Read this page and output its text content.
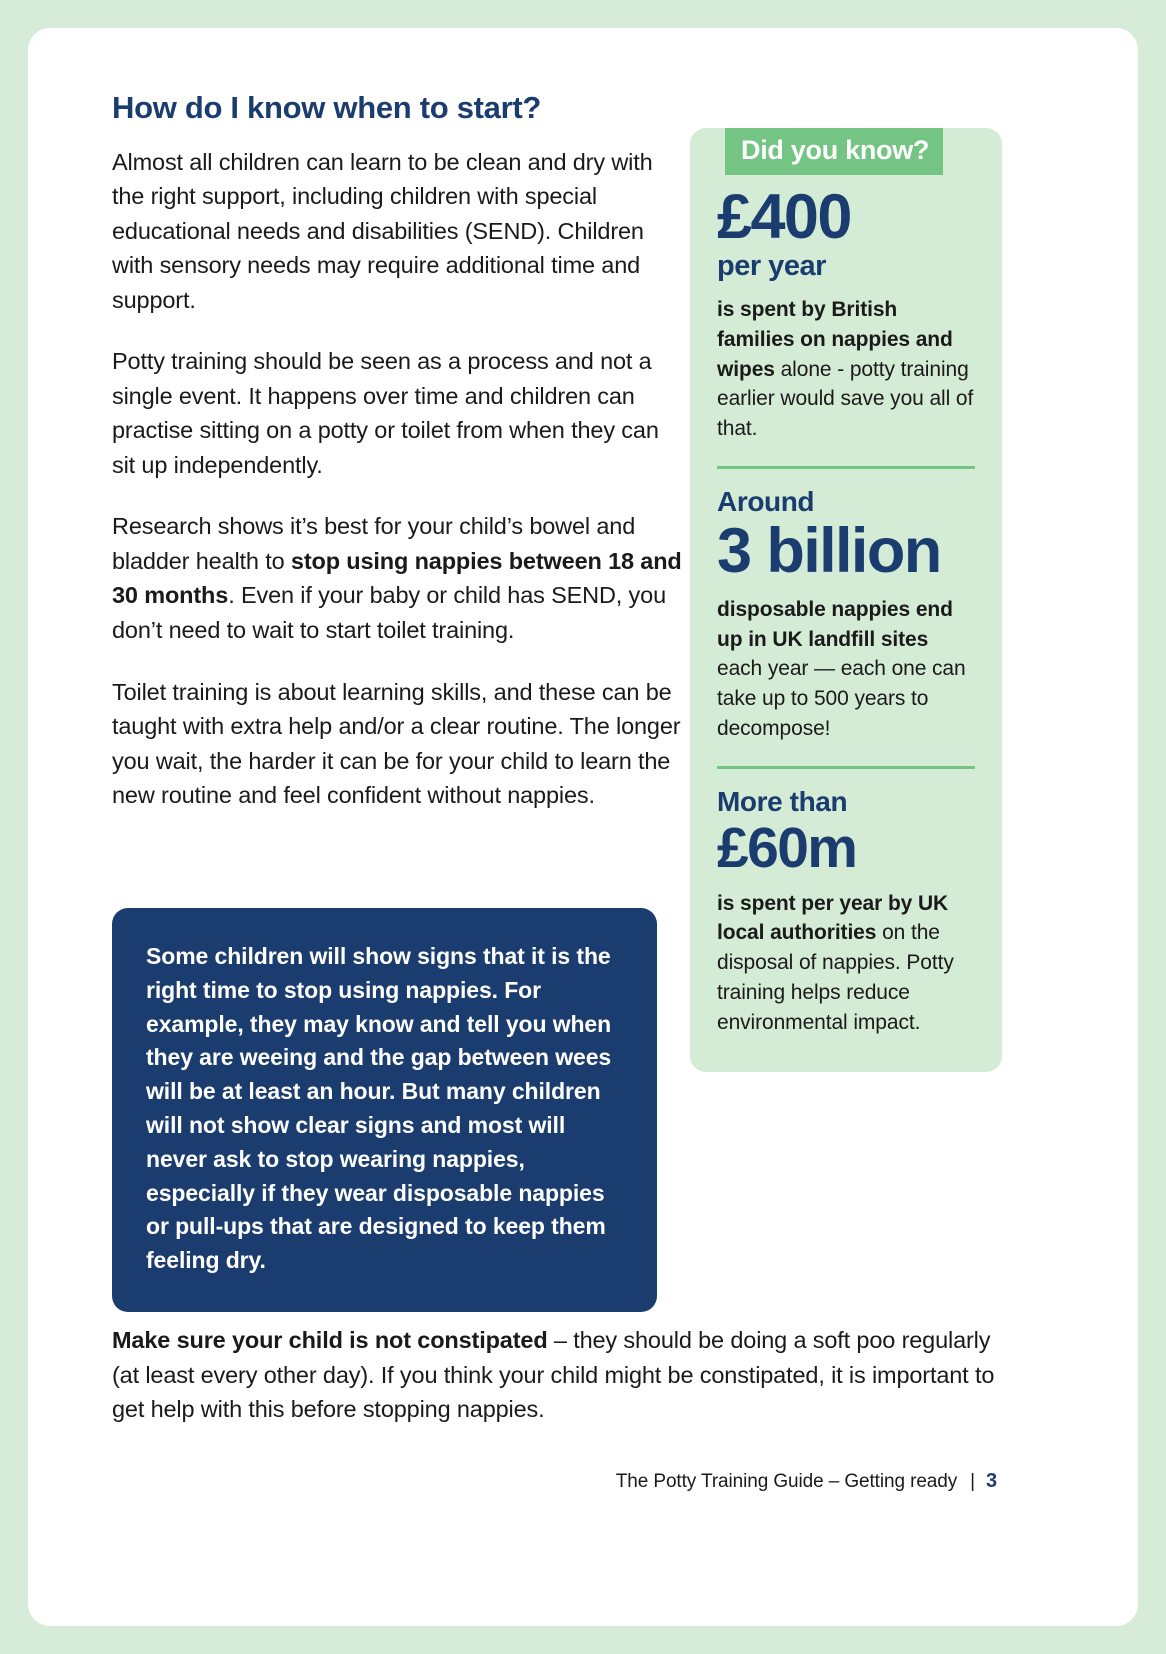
How do I know when to start?

Almost all children can learn to be clean and dry with the right support, including children with special educational needs and disabilities (SEND). Children with sensory needs may require additional time and support.

Potty training should be seen as a process and not a single event. It happens over time and children can practise sitting on a potty or toilet from when they can sit up independently.

Research shows it’s best for your child’s bowel and bladder health to stop using nappies between 18 and 30 months. Even if your baby or child has SEND, you don’t need to wait to start toilet training.

Toilet training is about learning skills, and these can be taught with extra help and/or a clear routine. The longer you wait, the harder it can be for your child to learn the new routine and feel confident without nappies.

Some children will show signs that it is the right time to stop using nappies. For example, they may know and tell you when they are weeing and the gap between wees will be at least an hour. But many children will not show clear signs and most will never ask to stop wearing nappies, especially if they wear disposable nappies or pull-ups that are designed to keep them feeling dry.

£400
per year

is spent by British families on nappies and wipes alone - potty training earlier would save you all of that.

Around
3 billion

disposable nappies end up in UK landfill sites each year — each one can take up to 500 years to decompose!

More than
£60m

is spent per year by UK local authorities on the disposal of nappies. Potty training helps reduce environmental impact.

Did you know?

Make sure your child is not constipated – they should be doing a soft poo regularly (at least every other day). If you think your child might be constipated, it is important to get help with this before stopping nappies.

The Potty Training Guide – Getting ready | 3
